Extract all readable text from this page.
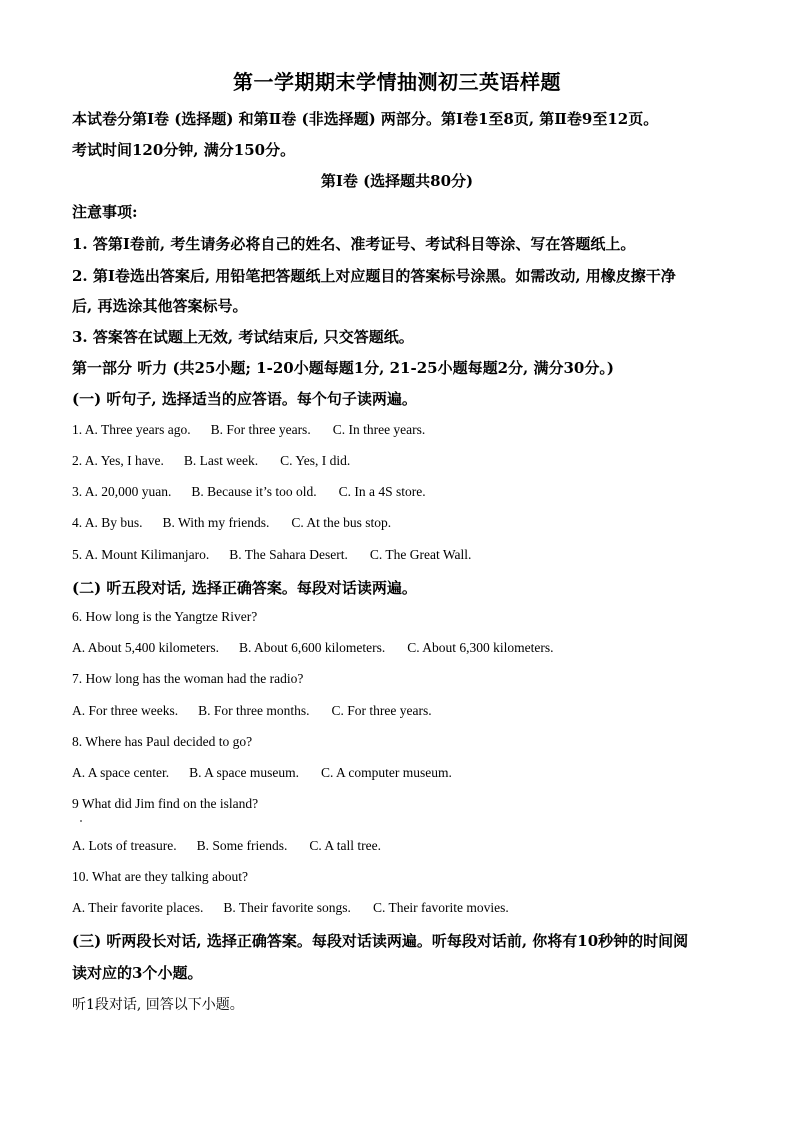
第一学期期末学情抽测初三英语样题
本试卷分第Ⅰ卷 (选择题) 和第Ⅱ卷 (非选择题) 两部分。第Ⅰ卷1至8页, 第Ⅱ卷9至12页。
考试时间120分钟, 满分150分。
第Ⅰ卷 (选择题共80分)
注意事项:
1. 答第Ⅰ卷前, 考生请务必将自己的姓名、准考证号、考试科目等涂、写在答题纸上。
2. 第Ⅰ卷选出答案后, 用铅笔把答题纸上对应题目的答案标号涂黑。如需改动, 用橡皮擦干净
后, 再选涂其他答案标号。
3. 答案答在试题上无效, 考试结束后, 只交答题纸。
第一部分 听力 (共25小题; 1-20小题每题1分, 21-25小题每题2分, 满分30分。)
(一) 听句子, 选择适当的应答语。每个句子读两遍。
1. A. Three years ago. B. For three years. C. In three years.
2. A. Yes, I have. B. Last week. C. Yes, I did.
3. A. 20,000 yuan. B. Because it’s too old. C. In a 4S store.
4. A. By bus. B. With my friends. C. At the bus stop.
5. A. Mount Kilimanjaro. B. The Sahara Desert. C. The Great Wall.
(二) 听五段对话, 选择正确答案。每段对话读两遍。
6. How long is the Yangtze River?
A. About 5,400 kilometers. B. About 6,600 kilometers. C. About 6,300 kilometers.
7. How long has the woman had the radio?
A. For three weeks. B. For three months. C. For three years.
8. Where has Paul decided to go?
A. A space center. B. A space museum. C. A computer museum.
9 What did Jim find on the island?
A. Lots of treasure. B. Some friends. C. A tall tree.
10. What are they talking about?
A. Their favorite places. B. Their favorite songs. C. Their favorite movies.
(三) 听两段长对话, 选择正确答案。每段对话读两遍。听每段对话前, 你将有10秒钟的时间阅
读对应的3个小题。
听1段对话, 回答以下小题。
